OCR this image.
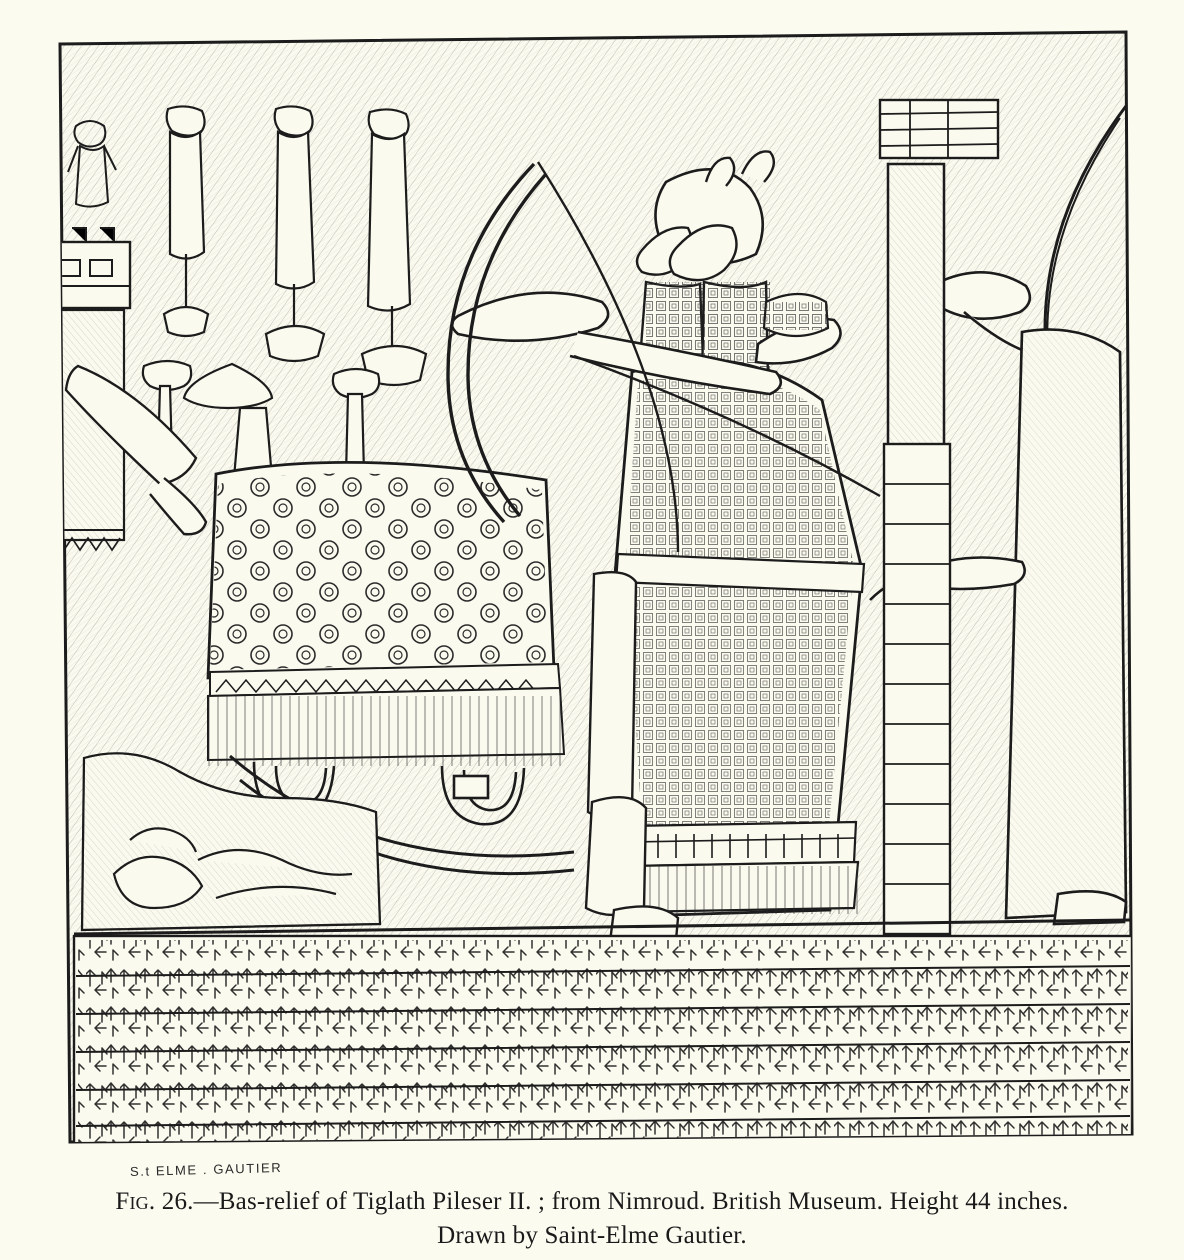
S.t ELME . GAUTIER
Fig. 26.—Bas-relief of Tiglath Pileser II. ; from Nimroud. British Museum. Height 44 inches.
Drawn by Saint-Elme Gautier.
